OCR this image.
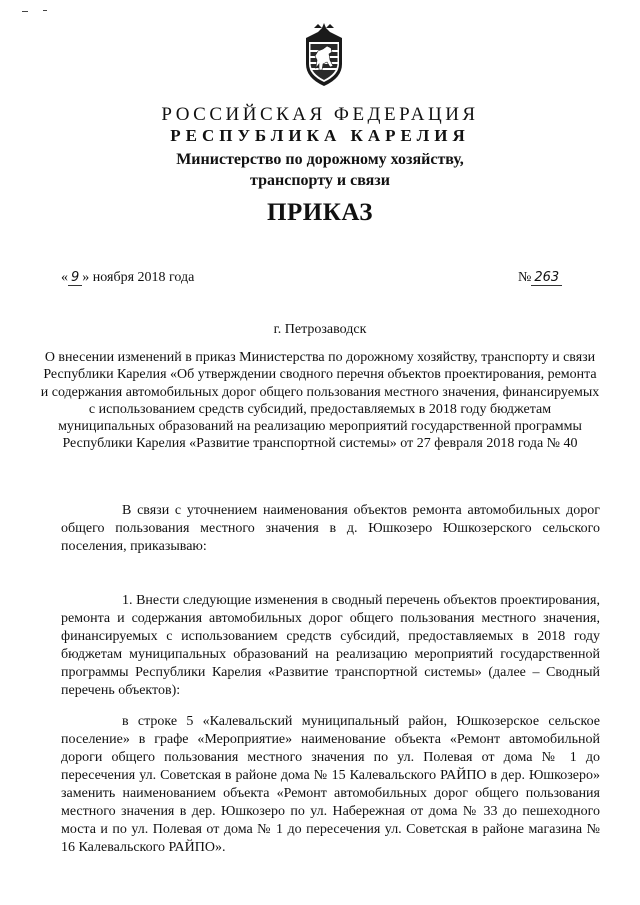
РОССИЙСКАЯ ФЕДЕРАЦИЯ
РЕСПУБЛИКА КАРЕЛИЯ
Министерство по дорожному хозяйству,
транспорту и связи
ПРИКАЗ
« 9 » ноября 2018 года	№ 263
г. Петрозаводск
О внесении изменений в приказ Министерства по дорожному хозяйству, транспорту и связи Республики Карелия «Об утверждении сводного перечня объектов проектирования, ремонта и содержания автомобильных дорог общего пользования местного значения, финансируемых с использованием средств субсидий, предоставляемых в 2018 году бюджетам муниципальных образований на реализацию мероприятий государственной программы Республики Карелия «Развитие транспортной системы» от 27 февраля 2018 года № 40
В связи с уточнением наименования объектов ремонта автомобильных дорог общего пользования местного значения в д. Юшкозеро Юшкозерского сельского поселения, приказываю:
1. Внести следующие изменения в сводный перечень объектов проектирования, ремонта и содержания автомобильных дорог общего пользования местного значения, финансируемых с использованием средств субсидий, предоставляемых в 2018 году бюджетам муниципальных образований на реализацию мероприятий государственной программы Республики Карелия «Развитие транспортной системы» (далее – Сводный перечень объектов):
в строке 5 «Калевальский муниципальный район, Юшкозерское сельское поселение» в графе «Мероприятие» наименование объекта «Ремонт автомобильной дороги общего пользования местного значения по ул. Полевая от дома № 1 до пересечения ул. Советская в районе дома № 15 Калевальского РАЙПО в дер. Юшкозеро» заменить наименованием объекта «Ремонт автомобильных дорог общего пользования местного значения в дер. Юшкозеро по ул. Набережная от дома № 33 до пешеходного моста и по ул. Полевая от дома № 1 до пересечения ул. Советская в районе магазина № 16 Калевальского РАЙПО».
